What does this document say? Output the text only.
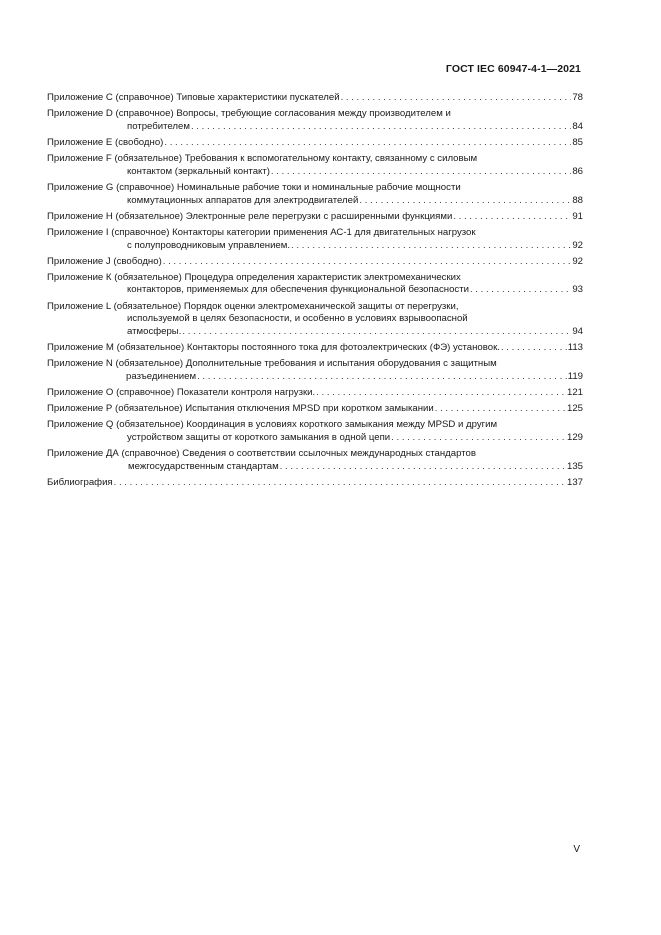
ГОСТ IEC 60947-4-1—2021
Приложение С (справочное) Типовые характеристики пускателей . . .	78
Приложение D (справочное) Вопросы, требующие согласования между производителем и
потребителем . . .	84
Приложение Е (свободно) . . .	85
Приложение F (обязательное) Требования к вспомогательному контакту, связанному с силовым
контактом (зеркальный контакт) . . .	86
Приложение G (справочное) Номинальные рабочие токи и номинальные рабочие мощности
коммутационных аппаратов для электродвигателей . . .	88
Приложение Н (обязательное) Электронные реле перегрузки с расширенными функциями . . .	91
Приложение I (справочное) Контакторы категории применения АС-1 для двигательных нагрузок
с полупроводниковым управлением. . . .	92
Приложение J (свободно) . . .	92
Приложение К (обязательное) Процедура определения характеристик электромеханических
контакторов, применяемых для обеспечения функциональной безопасности . . .	93
Приложение L (обязательное) Порядок оценки электромеханической защиты от перегрузки,
используемой в целях безопасности, и особенно в условиях взрывоопасной
атмосферы. . . .	94
Приложение М (обязательное) Контакторы постоянного тока для фотоэлектрических (ФЭ) установок. . . .	113
Приложение N (обязательное) Дополнительные требования и испытания оборудования с защитным
разъединением . . .	119
Приложение О (справочное) Показатели контроля нагрузки. . . .	121
Приложение Р (обязательное) Испытания отключения MPSD при коротком замыкании . . .	125
Приложение Q (обязательное) Координация в условиях короткого замыкания между MPSD и другим
устройством защиты от короткого замыкания в одной цепи . . .	129
Приложение ДА (справочное) Сведения о соответствии ссылочных международных стандартов
межгосударственным стандартам . . .	135
Библиография . . .	137
V
